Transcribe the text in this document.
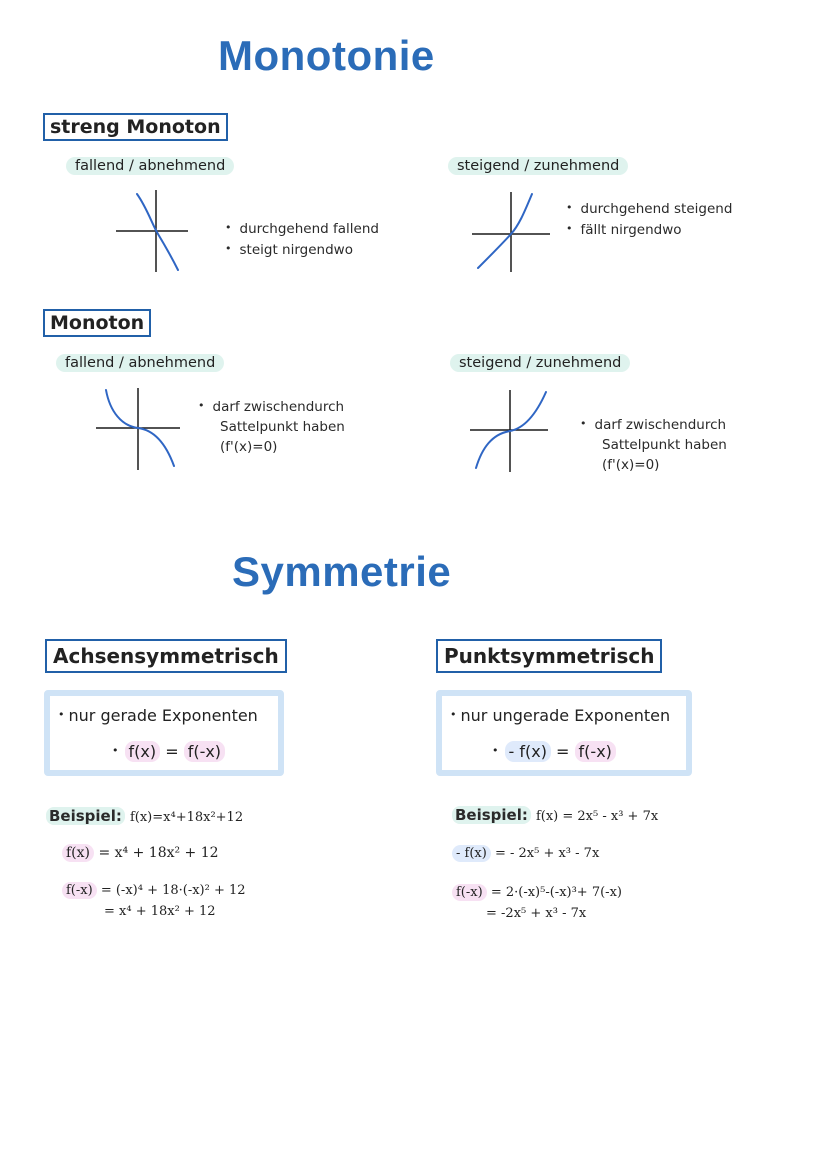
Monotonie
streng Monoton
fallend / abnehmend
• durchgehend fallend
• steigt nirgendwo
steigend / zunehmend
• durchgehend steigend
• fällt nirgendwo
Monoton
fallend / abnehmend
• darf zwischendurch
Sattelpunkt haben
(f'(x)=0)
steigend / zunehmend
• darf zwischendurch
Sattelpunkt haben
(f'(x)=0)
Symmetrie
Achsensymmetrisch
• nur gerade Exponenten
• f(x) = f(-x)
Beispiel: f(x)=x⁴+18x²+12
f(x) = x⁴ + 18x² + 12
f(-x) = (-x)⁴ + 18·(-x)² + 12
= x⁴ + 18x² + 12
Punktsymmetrisch
• nur ungerade Exponenten
• - f(x) = f(-x)
Beispiel: f(x) = 2x⁵ - x³ + 7x
- f(x) = - 2x⁵ + x³ - 7x
f(-x) = 2·(-x)⁵-(-x)³+ 7(-x)
= -2x⁵ + x³ - 7x
